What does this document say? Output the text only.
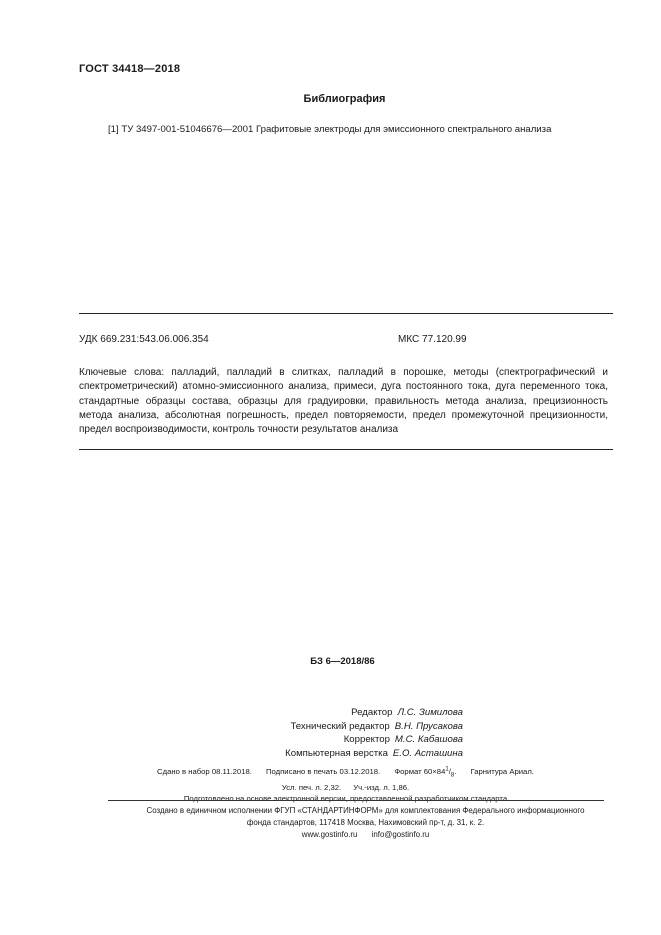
ГОСТ 34418—2018
Библиография
[1] ТУ 3497-001-51046676—2001 Графитовые электроды для эмиссионного спектрального анализа
УДК 669.231:543.06.006.354	МКС 77.120.99
Ключевые слова: палладий, палладий в слитках, палладий в порошке, методы (спектрографический и спектрометрический) атомно-эмиссионного анализа, примеси, дуга постоянного тока, дуга переменного тока, стандартные образцы состава, образцы для градуировки, правильность метода анализа, прецизионность метода анализа, абсолютная погрешность, предел повторяемости, предел промежуточной прецизионности, предел воспроизводимости, контроль точности результатов анализа
БЗ 6—2018/86
Редактор Л.С. Зимилова
Технический редактор В.Н. Прусакова
Корректор М.С. Кабашова
Компьютерная верстка Е.О. Асташина
Сдано в набор 08.11.2018. Подписано в печать 03.12.2018. Формат $60\times 84^1/_8$. Гарнитура Ариал.
Усл. печ. л. 2,32. Уч.-изд. л. 1,86.
Подготовлено на основе электронной версии, предоставленной разработчиком стандарта
Создано в единичном исполнении ФГУП «СТАНДАРТИНФОРМ» для комплектования Федерального информационного
фонда стандартов, 117418 Москва, Нахимовский пр-т, д. 31, к. 2.
www.gostinfo.ru info@gostinfo.ru
